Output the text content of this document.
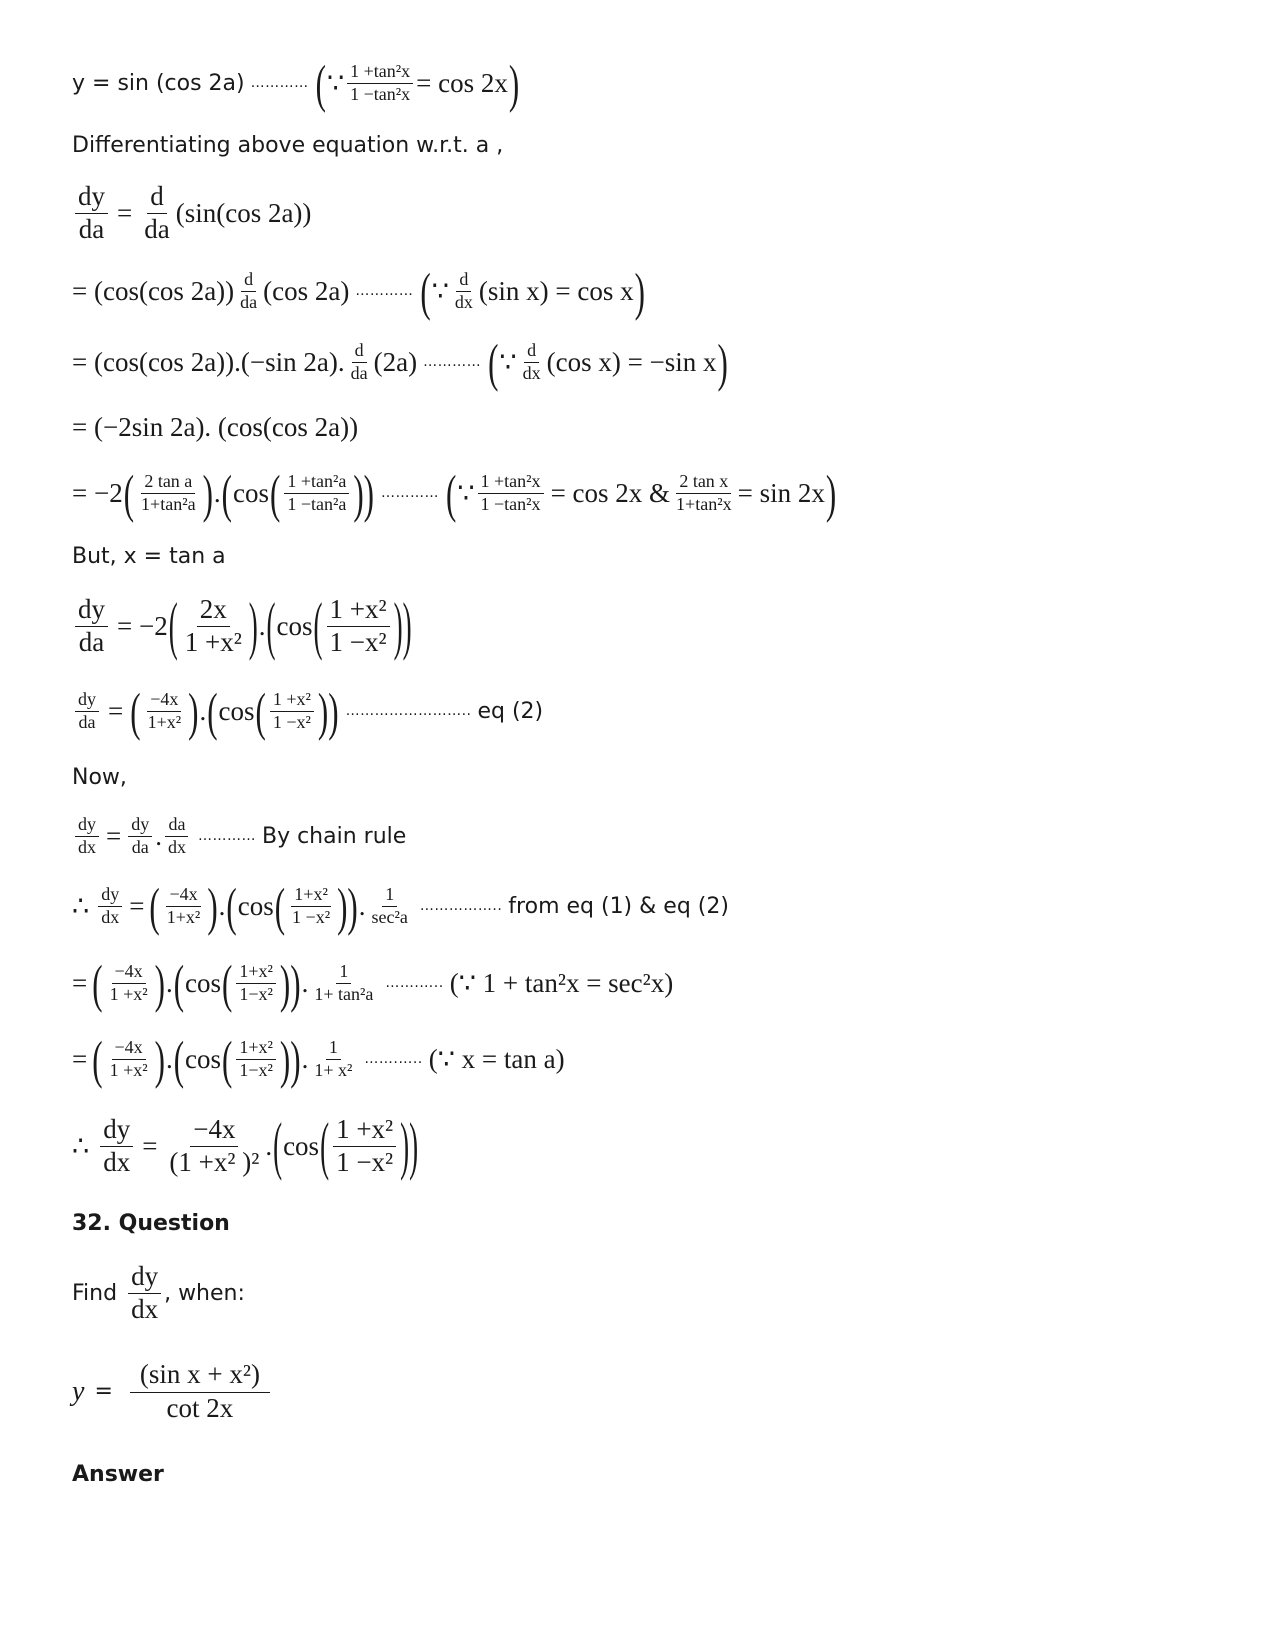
y = sin (cos 2a) ………… ( ∵ $\frac{\text{1 +tan²x}}{\text{1 −tan²x}} = \cos 2x$ )
Differentiating above equation w.r.t. a ,
$\frac{dy}{da} = \frac{d}{da} (\sin(\cos$ 2a))
= (cos(cos $2a)) \frac{d}{da} (\cos$ 2a) ………… ( ∵ $\frac{d}{dx} (\sin$ x) = cos x )
= (cos(cos 2a)).(−sin 2a). $\frac{d}{da} (2a)$ ………… ( ∵ $\frac{d}{dx} (\cos$ x) = −sin x )
= (−2sin 2a). (cos(cos 2a))
= −2 ( $\frac{\text{2 tan a}}{\text{1+tan²a}}$ ) . ( cos ( $\frac{\text{1 +tan²a}}{\text{1 −tan²a}}$ )) ………… ( ∵ $\frac{\text{1 +tan²x}}{\text{1 −tan²x}} = \cos 2x$ & $\frac{\text{2 tan x}}{\text{1+tan²x}} = \sin 2x$ )
But, x = tan a
$\frac{dy}{da} = -2$ ( $\frac{2x}{\text{1 +x²}}$ ) . ( cos ( $\frac{\text{1 +x²}}{\text{1 −x²}}$ ))
$\frac{dy}{da}$ = ( $\frac{-4x}{\text{1+x²}}$ ) . ( cos ( $\frac{\text{1 +x²}}{\text{1 −x²}}$ )) …………………….. eq (2)
Now,
$\frac{dy}{dx} = \frac{dy}{da}$ . $\frac{da}{dx}$ ………… By chain rule
∴ $\frac{dy}{dx}$ = ( $\frac{-4x}{\text{1+x²}}$ ) . ( cos ( $\frac{\text{1+x²}}{\text{1 −x²}}$ )) . $\frac{1}{\text{sec²a}}$ …………….. from eq (1) & eq (2)
= ( $\frac{-4x}{\text{1 +x²}}$ ) . ( cos ( $\frac{\text{1+x²}}{\text{1−x²}}$ )) . $\frac{1}{\text{1+ tan²a}}$ …….….. (∵ 1 + tan²x = sec²x)
= ( $\frac{-4x}{\text{1 +x²}}$ ) . ( cos ( $\frac{\text{1+x²}}{\text{1−x²}}$ )) . $\frac{1}{\text{1+ x²}}$ …….….. (∵ x = tan a)
∴ $\frac{dy}{dx} = \frac{-4x}{\text{(1 +x² )²}}$ . ( cos ( $\frac{\text{1 +x²}}{\text{1 −x²}}$ ))
32. Question
Find $\frac{dy}{dx}$ , when:
$y = \frac{\text{(sin x + x²)}}{\cot 2x}$
Answer
